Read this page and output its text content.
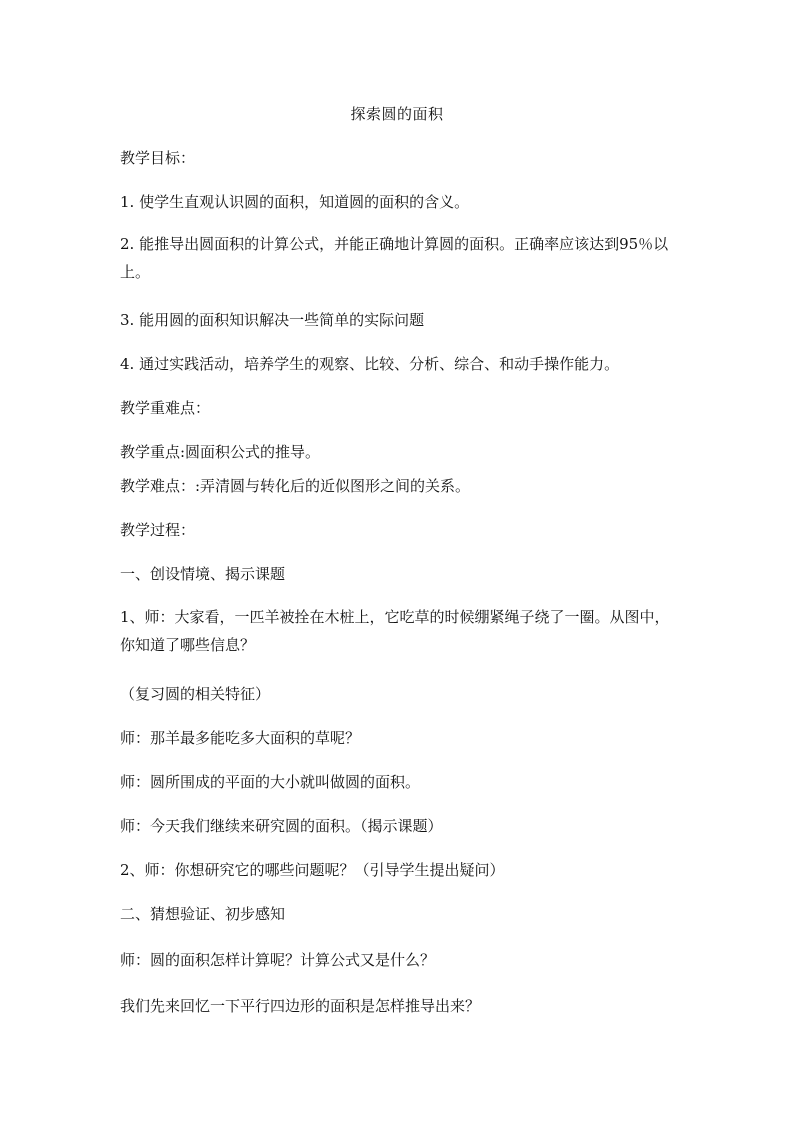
探索圆的面积
教学目标：
1. 使学生直观认识圆的面积，知道圆的面积的含义。
2. 能推导出圆面积的计算公式，并能正确地计算圆的面积。正确率应该达到95％以上。
3. 能用圆的面积知识解决一些简单的实际问题
4. 通过实践活动，培养学生的观察、比较、分析、综合、和动手操作能力。
教学重难点：
教学重点:圆面积公式的推导。
教学难点：:弄清圆与转化后的近似图形之间的关系。
教学过程：
一、创设情境、揭示课题
1、师：大家看，一匹羊被拴在木桩上，它吃草的时候绷紧绳子绕了一圈。从图中，你知道了哪些信息？
（复习圆的相关特征）
师：那羊最多能吃多大面积的草呢？
师：圆所围成的平面的大小就叫做圆的面积。
师：今天我们继续来研究圆的面积。（揭示课题）
2、师：你想研究它的哪些问题呢？（引导学生提出疑问）
二、猜想验证、初步感知
师：圆的面积怎样计算呢？计算公式又是什么？
我们先来回忆一下平行四边形的面积是怎样推导出来？
